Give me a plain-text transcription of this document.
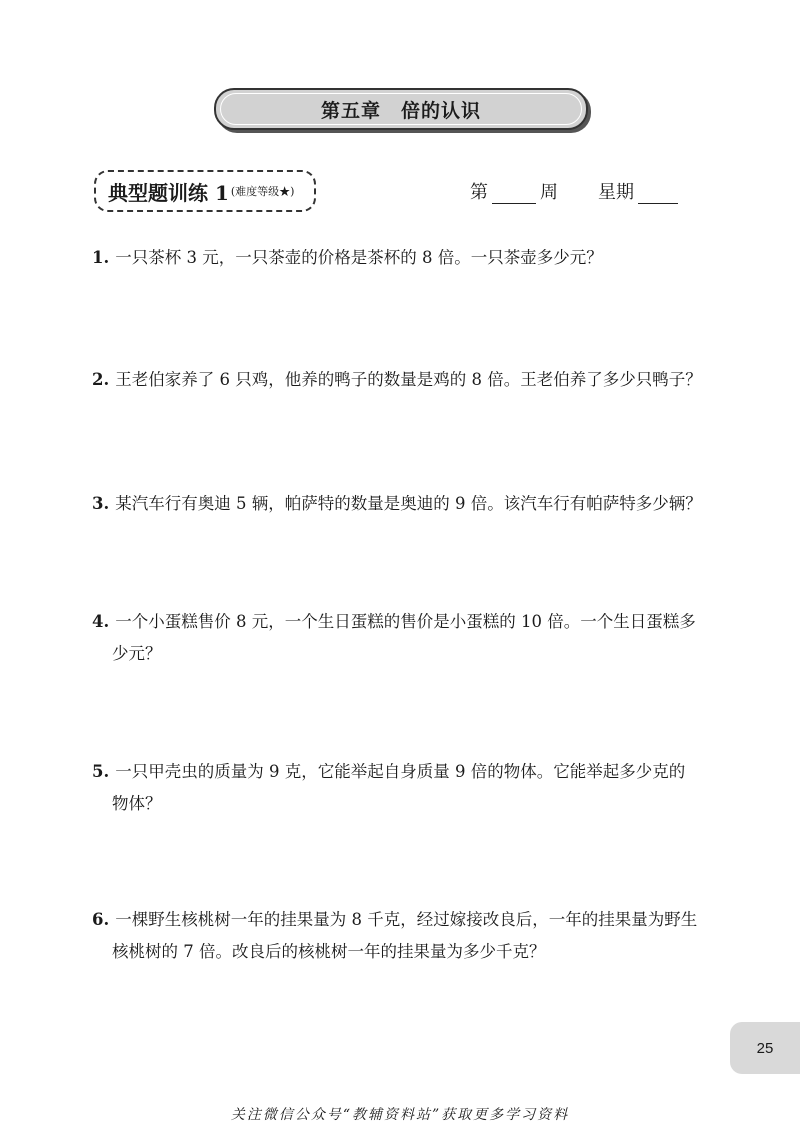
第五章　倍的认识
典型题训练 1 (难度等级★)	第	周 星期
1. 一只茶杯 3 元，一只茶壶的价格是茶杯的 8 倍。一只茶壶多少元？
2. 王老伯家养了 6 只鸡，他养的鸭子的数量是鸡的 8 倍。王老伯养了多少只鸭子？
3. 某汽车行有奥迪 5 辆，帕萨特的数量是奥迪的 9 倍。该汽车行有帕萨特多少辆？
4. 一个小蛋糕售价 8 元，一个生日蛋糕的售价是小蛋糕的 10 倍。一个生日蛋糕多
少元？
5. 一只甲壳虫的质量为 9 克，它能举起自身质量 9 倍的物体。它能举起多少克的
物体？
6. 一棵野生核桃树一年的挂果量为 8 千克，经过嫁接改良后，一年的挂果量为野生
核桃树的 7 倍。改良后的核桃树一年的挂果量为多少千克？
25
关注微信公众号“教辅资料站”获取更多学习资料
